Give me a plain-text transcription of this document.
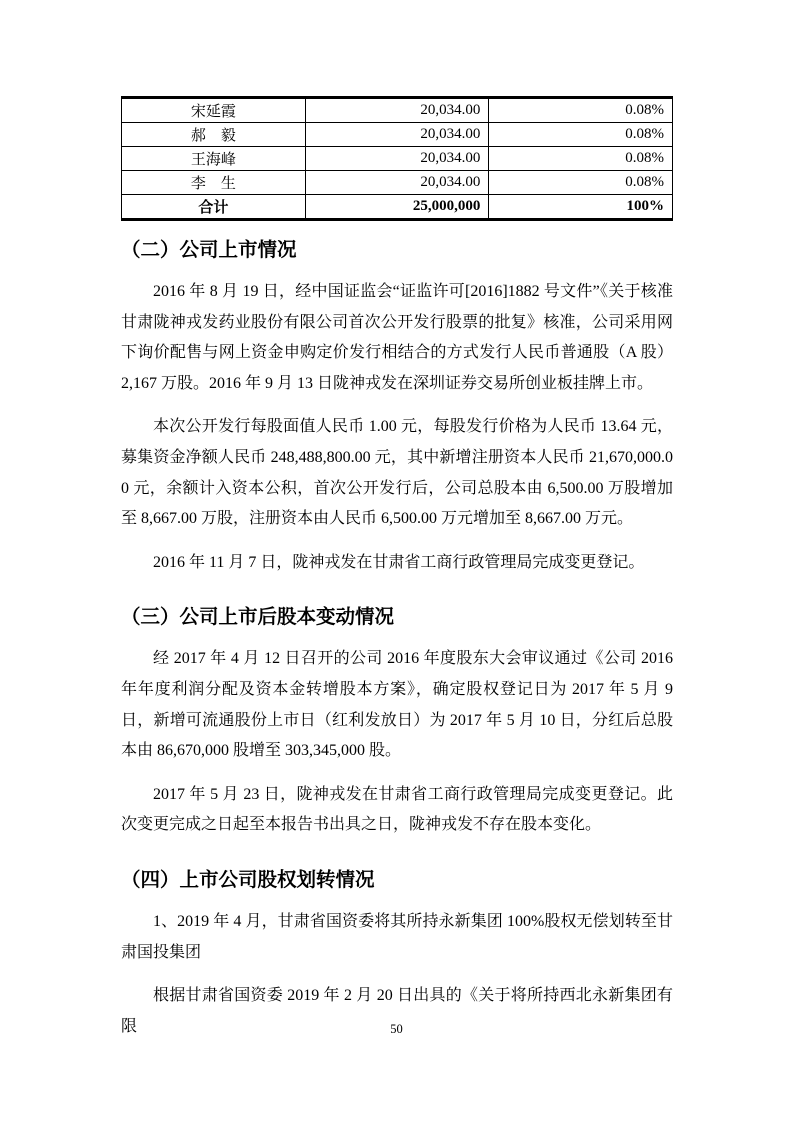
宋延霞	20,034.00	0.08%
郝　毅	20,034.00	0.08%
王海峰	20,034.00	0.08%
李　生	20,034.00	0.08%
合计	25,000,000	100%
（二）公司上市情况

2016 年 8 月 19 日，经中国证监会“证监许可[2016]1882 号文件”《关于核准甘肃陇神戎发药业股份有限公司首次公开发行股票的批复》核准，公司采用网下询价配售与网上资金申购定价发行相结合的方式发行人民币普通股（A 股）2,167 万股。2016 年 9 月 13 日陇神戎发在深圳证券交易所创业板挂牌上市。

本次公开发行每股面值人民币 1.00 元，每股发行价格为人民币 13.64 元，募集资金净额人民币 248,488,800.00 元，其中新增注册资本人民币 21,670,000.00 元，余额计入资本公积，首次公开发行后，公司总股本由 6,500.00 万股增加至 8,667.00 万股，注册资本由人民币 6,500.00 万元增加至 8,667.00 万元。

2016 年 11 月 7 日，陇神戎发在甘肃省工商行政管理局完成变更登记。

（三）公司上市后股本变动情况

经 2017 年 4 月 12 日召开的公司 2016 年度股东大会审议通过《公司 2016 年年度利润分配及资本金转增股本方案》，确定股权登记日为 2017 年 5 月 9 日，新增可流通股份上市日（红利发放日）为 2017 年 5 月 10 日，分红后总股本由 86,670,000 股增至 303,345,000 股。

2017 年 5 月 23 日，陇神戎发在甘肃省工商行政管理局完成变更登记。此次变更完成之日起至本报告书出具之日，陇神戎发不存在股本变化。

（四）上市公司股权划转情况

1、2019 年 4 月，甘肃省国资委将其所持永新集团 100%股权无偿划转至甘肃国投集团

根据甘肃省国资委 2019 年 2 月 20 日出具的《关于将所持西北永新集团有限	50
